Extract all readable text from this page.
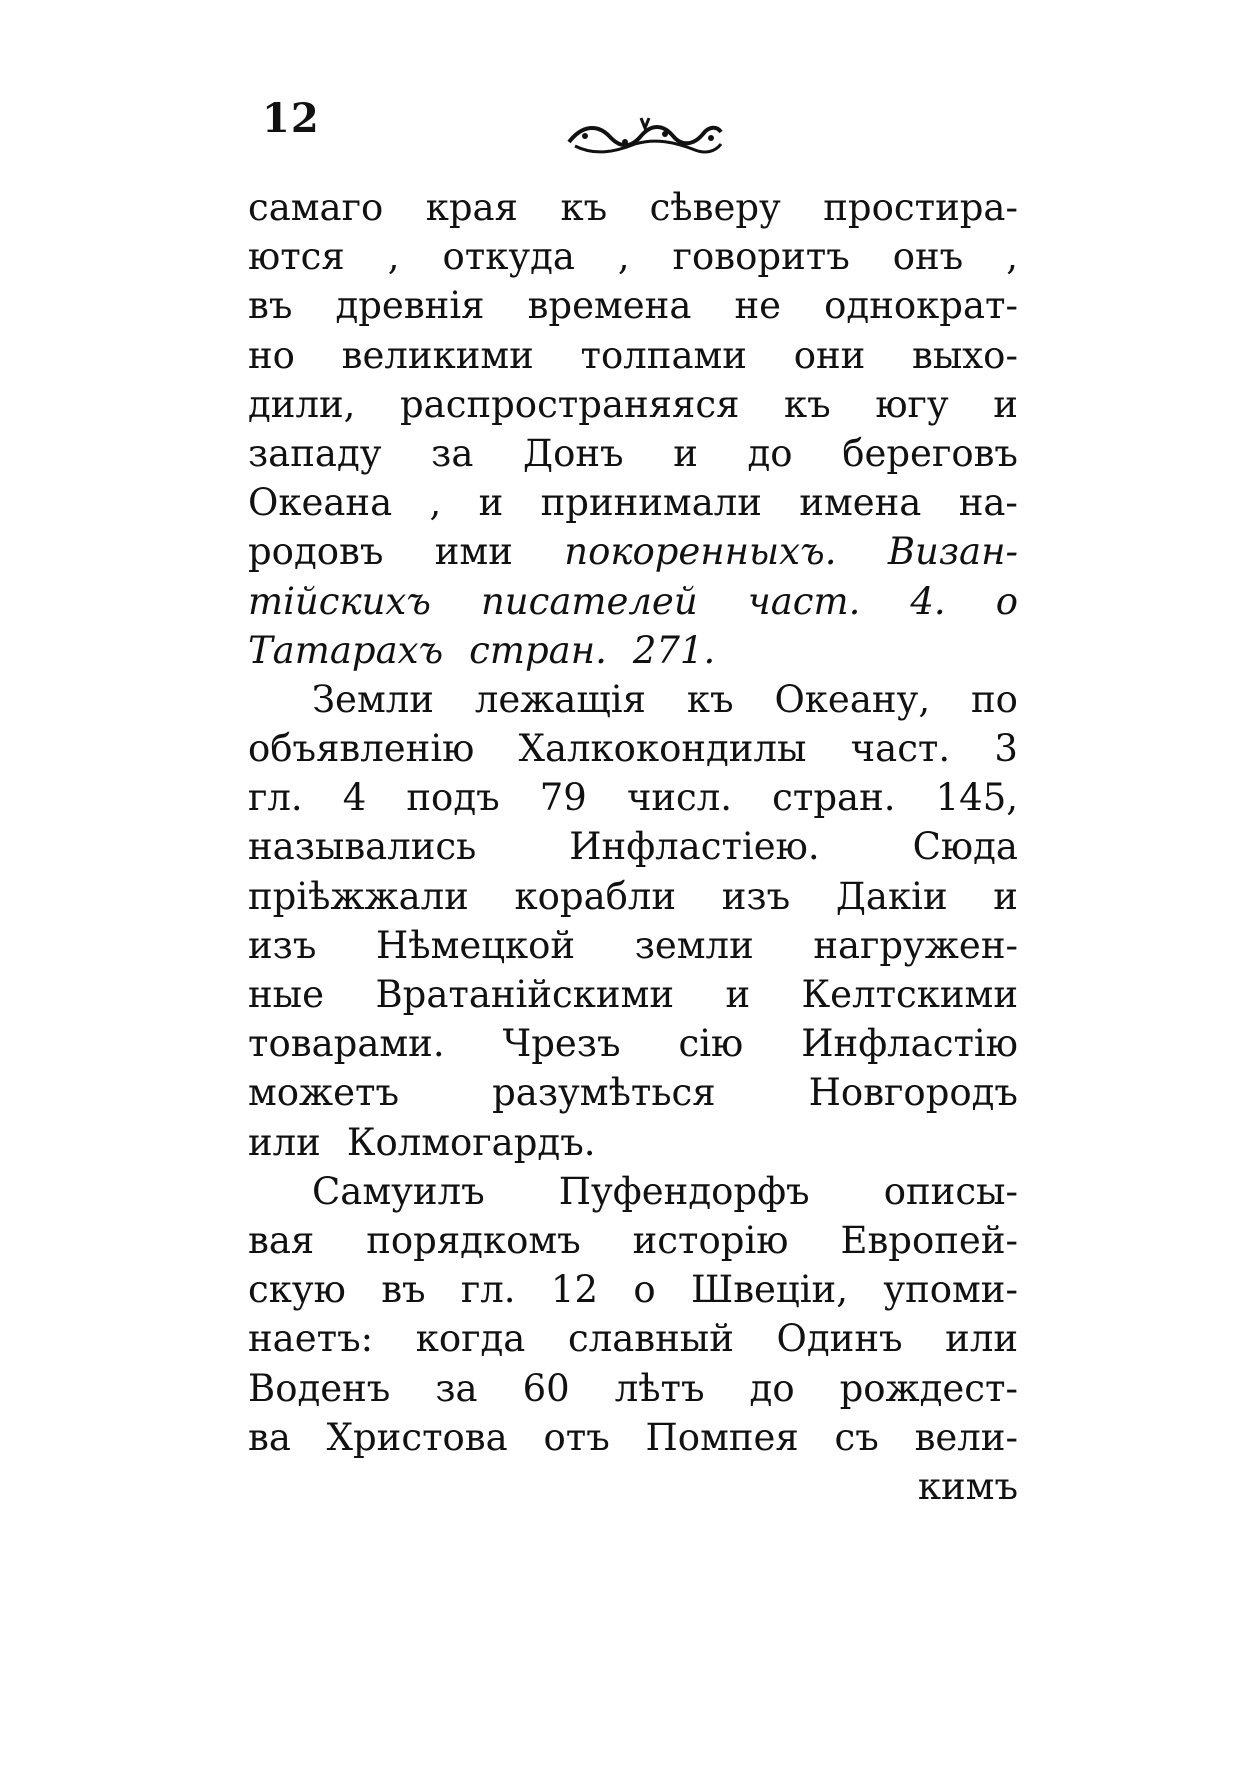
12
самаго края къ сѣверу простира-
ются , откуда , говоритъ онъ ,
въ древнія времена не однократ-
но великими толпами они выхо-
дили, распространяяся къ югу и
западу за Донъ и до береговъ
Океана , и принимали имена на-
родовъ ими покоренныхъ. Визан-
тійскихъ писателей част. 4. о
Татарахъ стран. 271.
Земли лежащія къ Океану, по
объявленію Халкокондилы част. 3
гл. 4 подъ 79 числ. стран. 145,
назывались	Инфластіею.	Сюда
пріѣжжали корабли изъ Дакіи и
изъ Нѣмецкой земли нагружен-
ные Вратанійскими и Келтскими
товарами. Чрезъ сію Инфластію
можетъ	разумѣться	Новгородъ
или Колмогардъ.
Самуилъ Пуфендорфъ описы-
вая порядкомъ исторію Европей-
скую въ гл. 12 о Швеціи, упоми-
наетъ: когда славный Одинъ или
Воденъ за 60 лѣтъ до рождест-
ва Христова отъ Помпея съ вели-
кимъ
